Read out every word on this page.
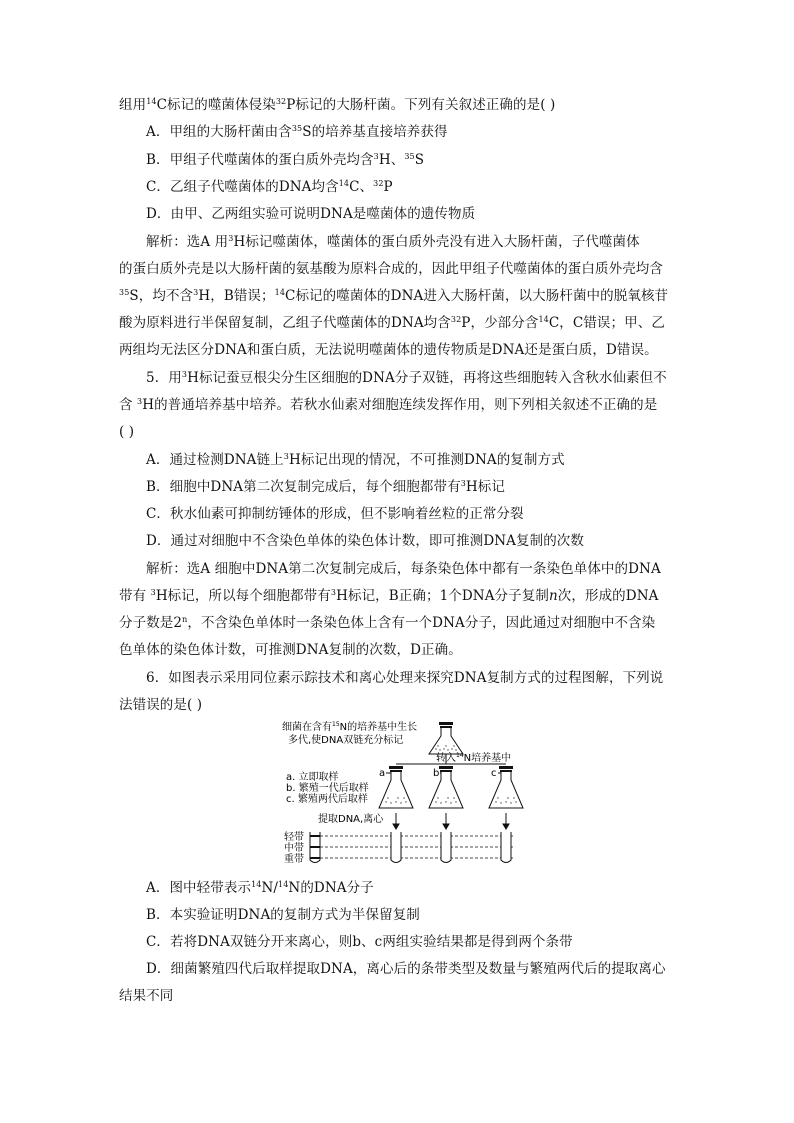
组用$^{14}$C标记的噬菌体侵染$^{32}$P标记的大肠杆菌。下列有关叙述正确的是( )
A．甲组的大肠杆菌由含$^{35}$S的培养基直接培养获得
B．甲组子代噬菌体的蛋白质外壳均含$^3$H、$^{35}$S
C．乙组子代噬菌体的DNA均含$^{14}$C、$^{32}$P
D．由甲、乙两组实验可说明DNA是噬菌体的遗传物质
解析：选A 用$^3$H标记噬菌体，噬菌体的蛋白质外壳没有进入大肠杆菌，子代噬菌体
的蛋白质外壳是以大肠杆菌的氨基酸为原料合成的，因此甲组子代噬菌体的蛋白质外壳均含
$^{35}$S，均不含$^3$H，B错误；$^{14}$C标记的噬菌体的DNA进入大肠杆菌，以大肠杆菌中的脱氧核苷
酸为原料进行半保留复制，乙组子代噬菌体的DNA均含$^{32}$P，少部分含$^{14}$C，C错误；甲、乙
两组均无法区分DNA和蛋白质，无法说明噬菌体的遗传物质是DNA还是蛋白质，D错误。
5．用$^3$H标记蚕豆根尖分生区细胞的DNA分子双链，再将这些细胞转入含秋水仙素但不
含 $^3$H的普通培养基中培养。若秋水仙素对细胞连续发挥作用，则下列相关叙述不正确的是
( )
A．通过检测DNA链上$^3$H标记出现的情况，不可推测DNA的复制方式
B．细胞中DNA第二次复制完成后，每个细胞都带有$^3$H标记
C．秋水仙素可抑制纺锤体的形成，但不影响着丝粒的正常分裂
D．通过对细胞中不含染色单体的染色体计数，即可推测DNA复制的次数
解析：选A 细胞中DNA第二次复制完成后，每条染色体中都有一条染色单体中的DNA
带有 $^3$H标记，所以每个细胞都带有$^3$H标记，B正确；1个DNA分子复制n次，形成的DNA
分子数是2$^n$，不含染色单体时一条染色体上含有一个DNA分子，因此通过对细胞中不含染
色单体的染色体计数，可推测DNA复制的次数，D正确。
6．如图表示采用同位素示踪技术和离心处理来探究DNA复制方式的过程图解，下列说
法错误的是( )
细菌在含有$^{15}$N的培养基中生长
多代,使DNA双链充分标记
转入$^{14}$N培养基中
a. 立即取样
b. 繁殖一代后取样
c. 繁殖两代后取样
a	b	c
提取DNA,离心
轻带
中带
重带
A．图中轻带表示$^{14}$N/$^{14}$N的DNA分子
B．本实验证明DNA的复制方式为半保留复制
C．若将DNA双链分开来离心，则b、c两组实验结果都是得到两个条带
D．细菌繁殖四代后取样提取DNA，离心后的条带类型及数量与繁殖两代后的提取离心
结果不同
